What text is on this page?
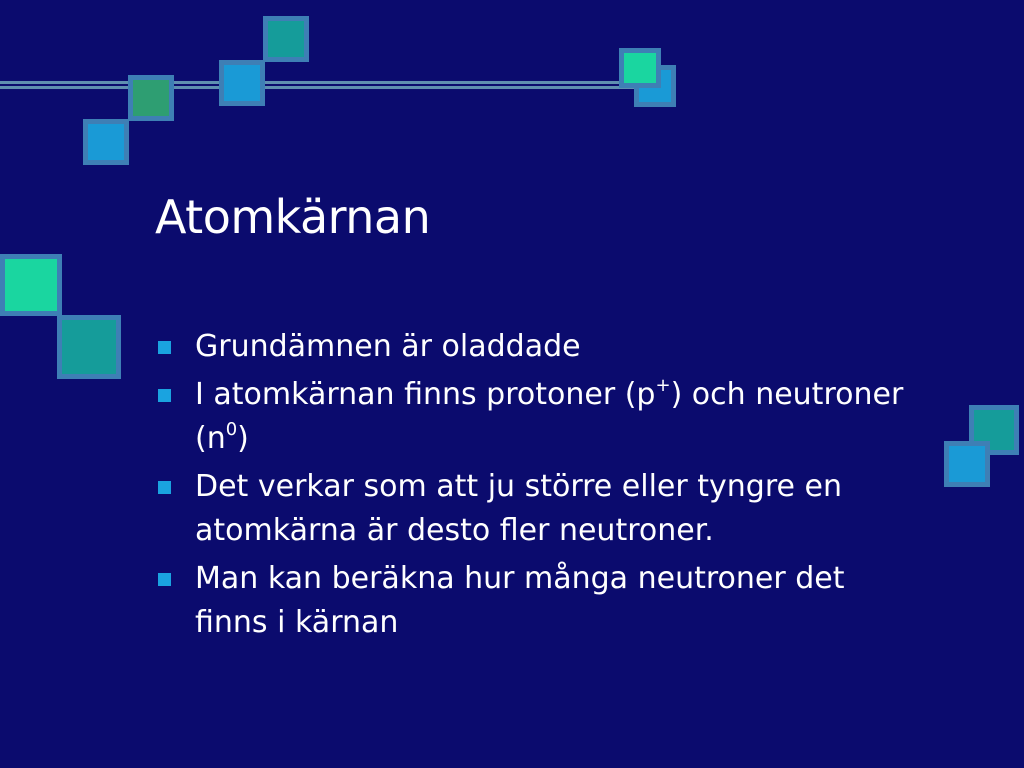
Atomkärnan
Grundämnen är oladdade
I atomkärnan finns protoner (p+) och neutroner $(n^0)$
Det verkar som att ju större eller tyngre en atomkärna är desto fler neutroner.
Man kan beräkna hur många neutroner det finns i kärnan
